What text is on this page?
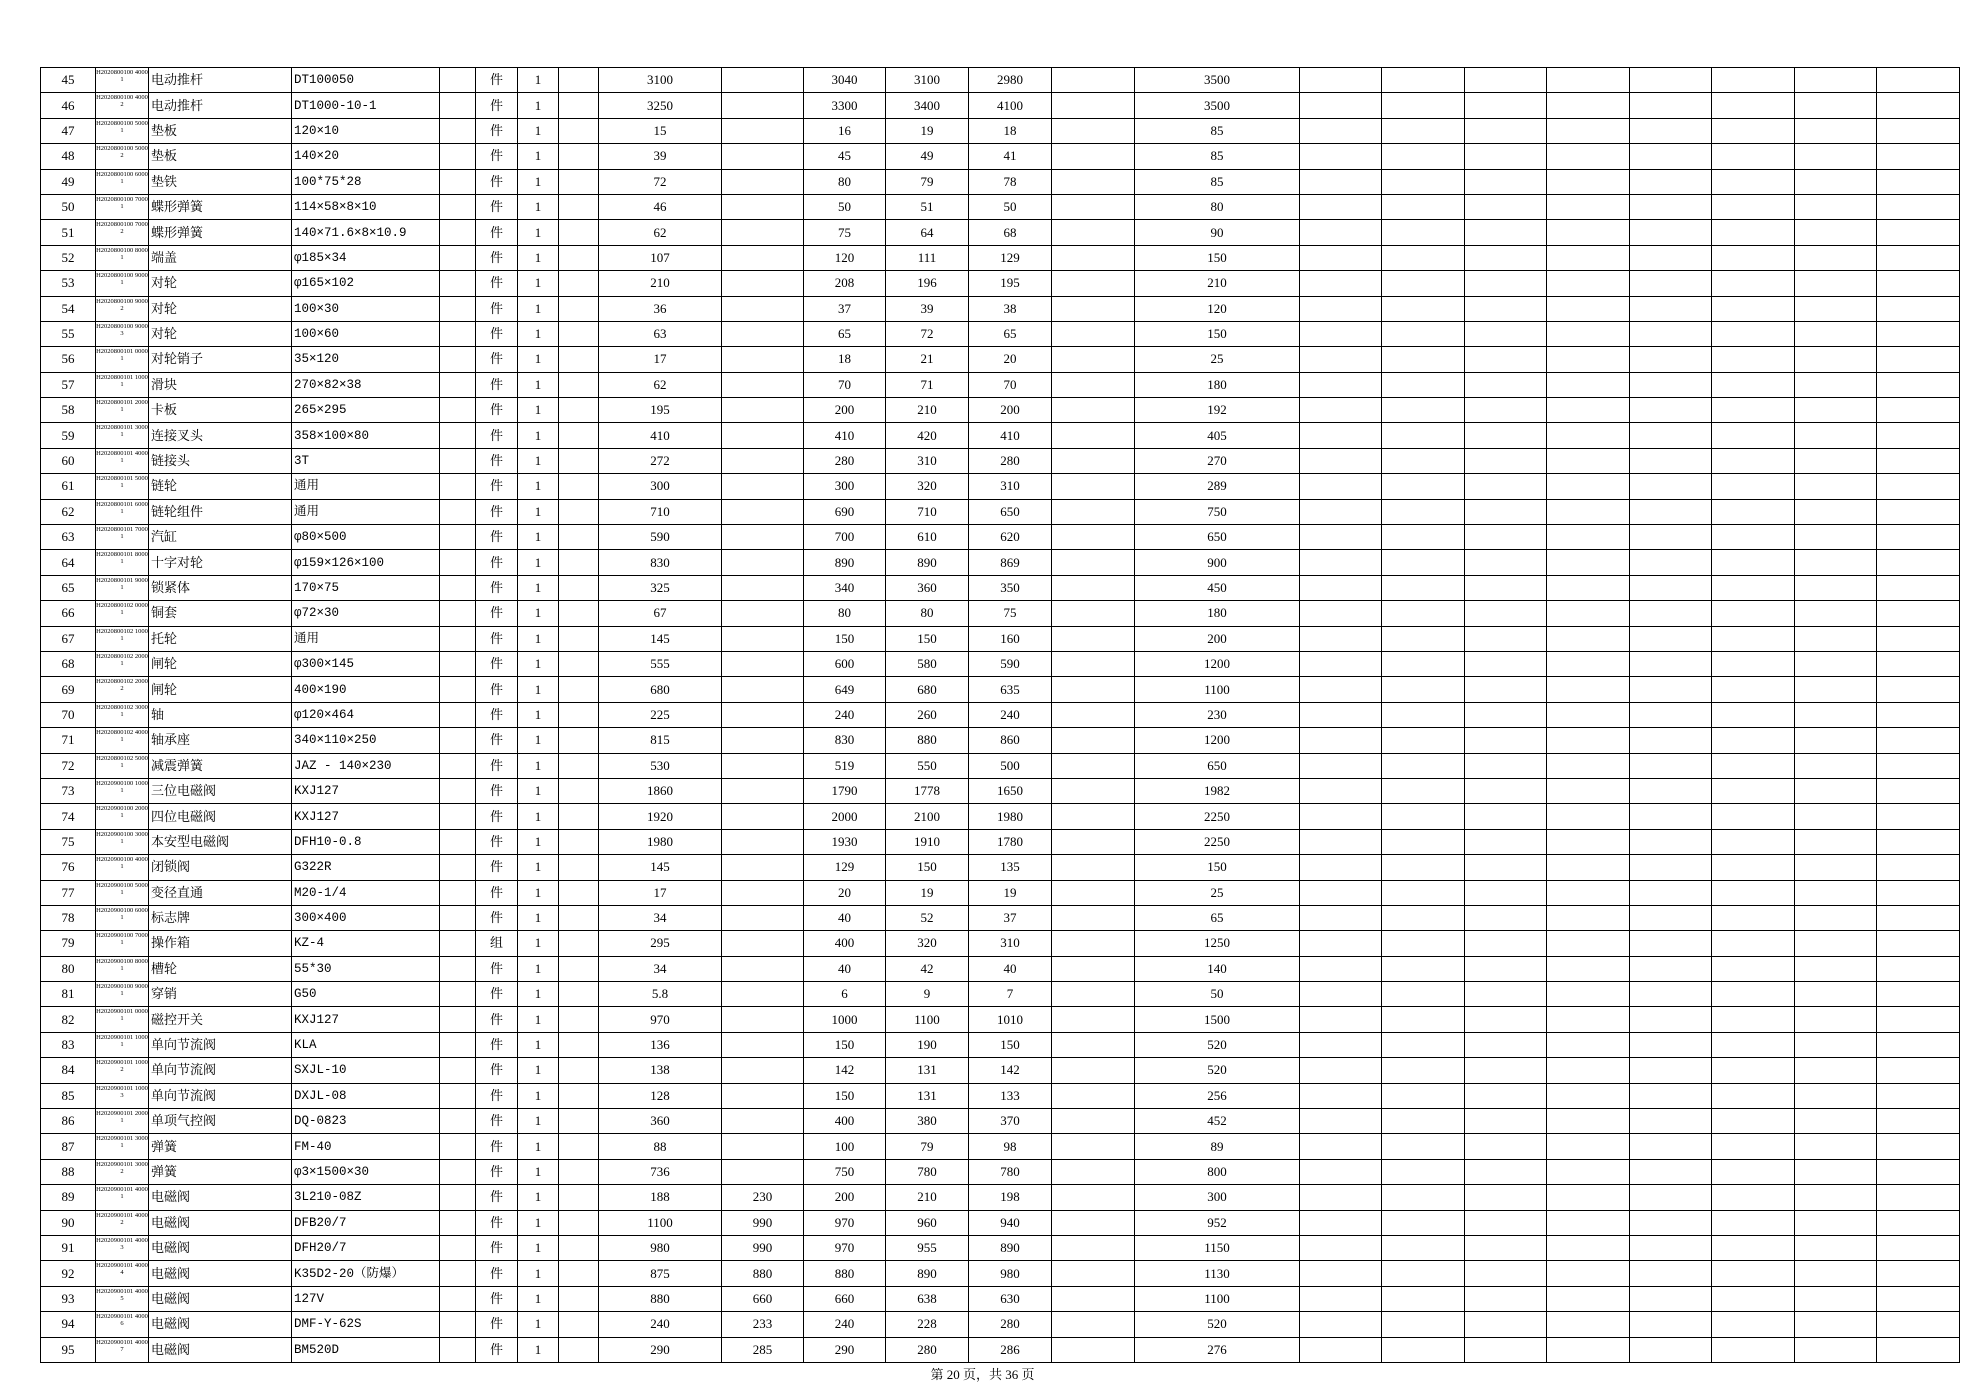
45	H2020800100 40001	电动推杆	DT100050		件	1		3100		3040	3100	2980		3500								
46	H2020800100 40002	电动推杆	DT1000-10-1		件	1		3250		3300	3400	4100		3500								
47	H2020800100 50001	垫板	120×10		件	1		15		16	19	18		85								
48	H2020800100 50002	垫板	140×20		件	1		39		45	49	41		85								
49	H2020800100 60001	垫铁	100*75*28		件	1		72		80	79	78		85								
50	H2020800100 70001	蝶形弹簧	114×58×8×10		件	1		46		50	51	50		80								
51	H2020800100 70002	蝶形弹簧	140×71.6×8×10.9		件	1		62		75	64	68		90								
52	H2020800100 80001	端盖	φ185×34		件	1		107		120	111	129		150								
53	H2020800100 90001	对轮	φ165×102		件	1		210		208	196	195		210								
54	H2020800100 90002	对轮	100×30		件	1		36		37	39	38		120								
55	H2020800100 90003	对轮	100×60		件	1		63		65	72	65		150								
56	H2020800101 00001	对轮销子	35×120		件	1		17		18	21	20		25								
57	H2020800101 10001	滑块	270×82×38		件	1		62		70	71	70		180								
58	H2020800101 20001	卡板	265×295		件	1		195		200	210	200		192								
59	H2020800101 30001	连接叉头	358×100×80		件	1		410		410	420	410		405								
60	H2020800101 40001	链接头	3T		件	1		272		280	310	280		270								
61	H2020800101 50001	链轮	通用		件	1		300		300	320	310		289								
62	H2020800101 60001	链轮组件	通用		件	1		710		690	710	650		750								
63	H2020800101 70001	汽缸	φ80×500		件	1		590		700	610	620		650								
64	H2020800101 80001	十字对轮	φ159×126×100		件	1		830		890	890	869		900								
65	H2020800101 90001	锁紧体	170×75		件	1		325		340	360	350		450								
66	H2020800102 00001	铜套	φ72×30		件	1		67		80	80	75		180								
67	H2020800102 10001	托轮	通用		件	1		145		150	150	160		200								
68	H2020800102 20001	闸轮	φ300×145		件	1		555		600	580	590		1200								
69	H2020800102 20002	闸轮	400×190		件	1		680		649	680	635		1100								
70	H2020800102 30001	轴	φ120×464		件	1		225		240	260	240		230								
71	H2020800102 40001	轴承座	340×110×250		件	1		815		830	880	860		1200								
72	H2020800102 50001	减震弹簧	JAZ - 140×230		件	1		530		519	550	500		650								
73	H2020900100 10001	三位电磁阀	KXJ127		件	1		1860		1790	1778	1650		1982								
74	H2020900100 20001	四位电磁阀	KXJ127		件	1		1920		2000	2100	1980		2250								
75	H2020900100 30001	本安型电磁阀	DFH10-0.8		件	1		1980		1930	1910	1780		2250								
76	H2020900100 40001	闭锁阀	G322R		件	1		145		129	150	135		150								
77	H2020900100 50001	变径直通	M20-1/4		件	1		17		20	19	19		25								
78	H2020900100 60001	标志牌	300×400		件	1		34		40	52	37		65								
79	H2020900100 70001	操作箱	KZ-4		组	1		295		400	320	310		1250								
80	H2020900100 80001	槽轮	55*30		件	1		34		40	42	40		140								
81	H2020900100 90001	穿销	G50		件	1		5.8		6	9	7		50								
82	H2020900101 00001	磁控开关	KXJ127		件	1		970		1000	1100	1010		1500								
83	H2020900101 10001	单向节流阀	KLA		件	1		136		150	190	150		520								
84	H2020900101 10002	单向节流阀	SXJL-10		件	1		138		142	131	142		520								
85	H2020900101 10003	单向节流阀	DXJL-08		件	1		128		150	131	133		256								
86	H2020900101 20001	单项气控阀	DQ-0823		件	1		360		400	380	370		452								
87	H2020900101 30001	弹簧	FM-40		件	1		88		100	79	98		89								
88	H2020900101 30002	弹簧	φ3×1500×30		件	1		736		750	780	780		800								
89	H2020900101 40001	电磁阀	3L210-08Z		件	1		188	230	200	210	198		300								
90	H2020900101 40002	电磁阀	DFB20/7		件	1		1100	990	970	960	940		952								
91	H2020900101 40003	电磁阀	DFH20/7		件	1		980	990	970	955	890		1150								
92	H2020900101 40004	电磁阀	K35D2-20（防爆）		件	1		875	880	880	890	980		1130								
93	H2020900101 40005	电磁阀	127V		件	1		880	660	660	638	630		1100								
94	H2020900101 40006	电磁阀	DMF-Y-62S		件	1		240	233	240	228	280		520								
95	H2020900101 40007	电磁阀	BM520D		件	1		290	285	290	280	286		276								
第 20 页，共 36 页
